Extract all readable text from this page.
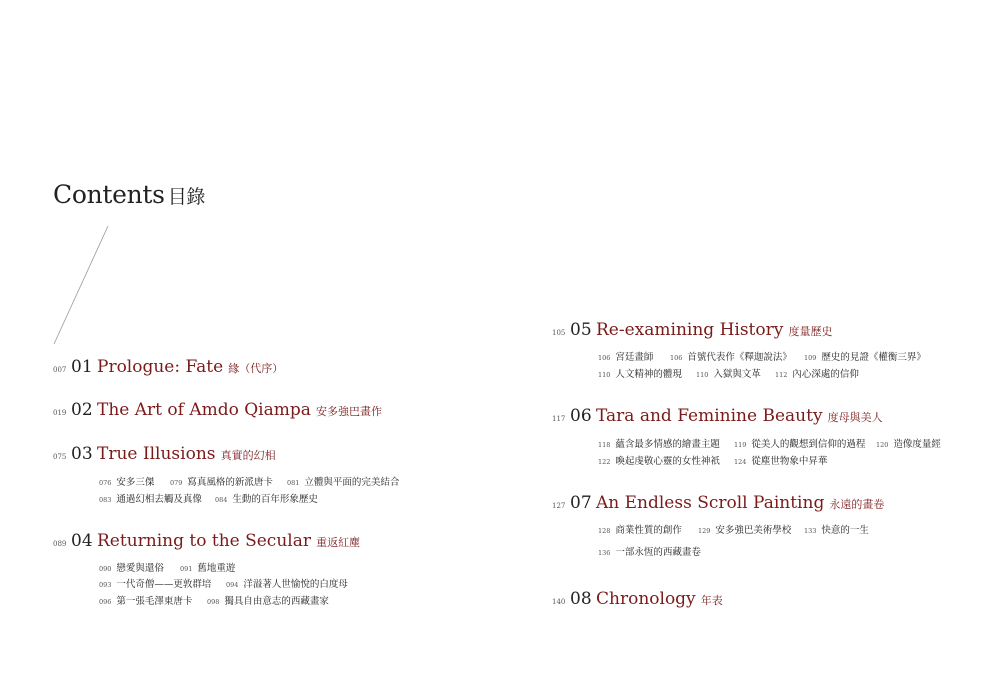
Contents 目錄
007 01 Prologue: Fate 緣（代序）
019 02 The Art of Amdo Qiampa 安多強巴畫作
075 03 True Illusions 真實的幻相
076 安多三傑 079 寫真風格的新派唐卡 081 立體與平面的完美結合
083 通過幻相去觸及真像 084 生動的百年形象歷史
089 04 Returning to the Secular 重返紅塵
090 戀愛與還俗 091 舊地重遊
093 一代奇僧——更敦群培 094 洋溢著人世愉悅的白度母
096 第一張毛澤東唐卡 098 獨具自由意志的西藏畫家
105 05 Re-examining History 度量歷史
106 宮廷畫師	106 首號代表作《釋迦說法》 109 歷史的見證《權衡三界》
110 人文精神的體現 110 入獄與文革 112 內心深處的信仰
117 06 Tara and Feminine Beauty 度母與美人
118 蘊含最多情感的繪畫主題 119 從美人的觀想到信仰的過程 120 造像度量經
122 喚起虔敬心靈的女性神祇 124 從塵世物象中昇華
127 07 An Endless Scroll Painting 永遠的畫卷
128 商業性質的創作 129 安多強巴美術學校 133 快意的一生
136 一部永恆的西藏畫卷
140 08 Chronology 年表
